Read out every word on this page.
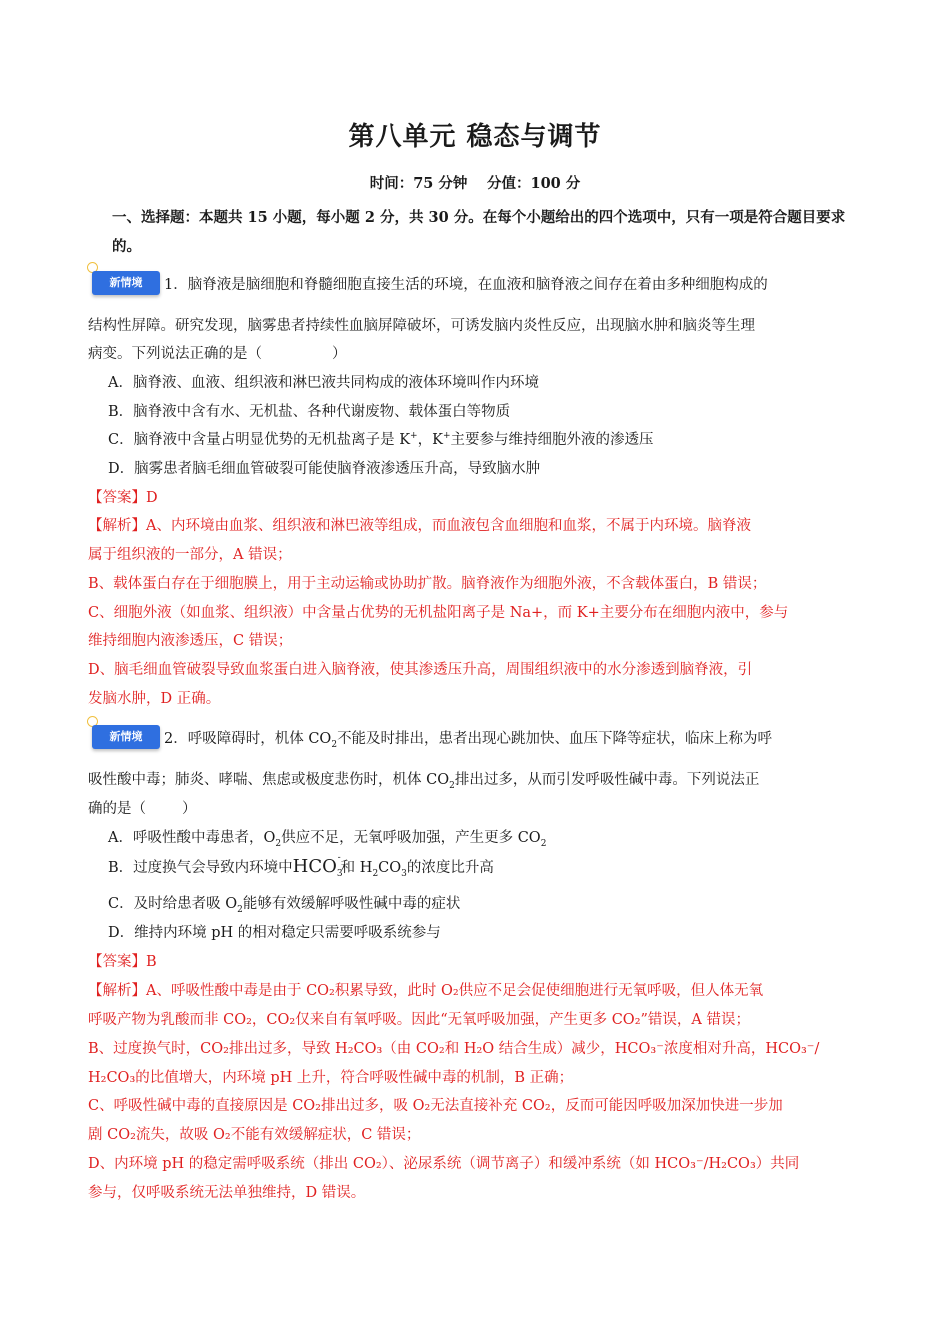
第八单元 稳态与调节
时间：75 分钟　 分值：100 分
一、选择题：本题共 15 小题，每小题 2 分，共 30 分。在每个小题给出的四个选项中，只有一项是符合题目要求的。
新情境	1．脑脊液是脑细胞和脊髓细胞直接生活的环境，在血液和脑脊液之间存在着由多种细胞构成的
结构性屏障。研究发现，脑雾患者持续性血脑屏障破坏，可诱发脑内炎性反应，出现脑水肿和脑炎等生理
病变。下列说法正确的是（	）
A．脑脊液、血液、组织液和淋巴液共同构成的液体环境叫作内环境
B．脑脊液中含有水、无机盐、各种代谢废物、载体蛋白等物质
C．脑脊液中含量占明显优势的无机盐离子是 K+，K+主要参与维持细胞外液的渗透压
D．脑雾患者脑毛细血管破裂可能使脑脊液渗透压升高，导致脑水肿
【答案】D
【解析】A、内环境由血浆、组织液和淋巴液等组成，而血液包含血细胞和血浆，不属于内环境。脑脊液
属于组织液的一部分，A 错误；
B、载体蛋白存在于细胞膜上，用于主动运输或协助扩散。脑脊液作为细胞外液，不含载体蛋白，B 错误；
C、细胞外液（如血浆、组织液）中含量占优势的无机盐阳离子是 Na+，而 K+主要分布在细胞内液中，参与
维持细胞内液渗透压，C 错误；
D、脑毛细血管破裂导致血浆蛋白进入脑脊液，使其渗透压升高，周围组织液中的水分渗透到脑脊液，引
发脑水肿，D 正确。
新情境	2．呼吸障碍时，机体 $CO_2$不能及时排出，患者出现心跳加快、血压下降等症状，临床上称为呼
吸性酸中毒；肺炎、哮喘、焦虑或极度悲伤时，机体 $CO_2$排出过多，从而引发呼吸性碱中毒。下列说法正
确的是（ ）
A．呼吸性酸中毒患者，$O_2$供应不足，无氧呼吸加强，产生更多 $CO_2$
B．过度换气会导致内环境中$HCO_3^-$和 $H_2CO_3$的浓度比升高
C．及时给患者吸 $O_2$能够有效缓解呼吸性碱中毒的症状
D．维持内环境 pH 的相对稳定只需要呼吸系统参与
【答案】B
【解析】A、呼吸性酸中毒是由于 CO₂积累导致，此时 O₂供应不足会促使细胞进行无氧呼吸，但人体无氧
呼吸产物为乳酸而非 CO₂，CO₂仅来自有氧呼吸。因此“无氧呼吸加强，产生更多 CO₂”错误，A 错误；
B、过度换气时，CO₂排出过多，导致 H₂CO₃（由 CO₂和 H₂O 结合生成）减少，HCO₃⁻浓度相对升高，HCO₃⁻/
H₂CO₃的比值增大，内环境 pH 上升，符合呼吸性碱中毒的机制，B 正确；
C、呼吸性碱中毒的直接原因是 CO₂排出过多，吸 O₂无法直接补充 CO₂，反而可能因呼吸加深加快进一步加
剧 CO₂流失，故吸 O₂不能有效缓解症状，C 错误；
D、内环境 pH 的稳定需呼吸系统（排出 CO₂）、泌尿系统（调节离子）和缓冲系统（如 HCO₃⁻/H₂CO₃）共同
参与，仅呼吸系统无法单独维持，D 错误。
